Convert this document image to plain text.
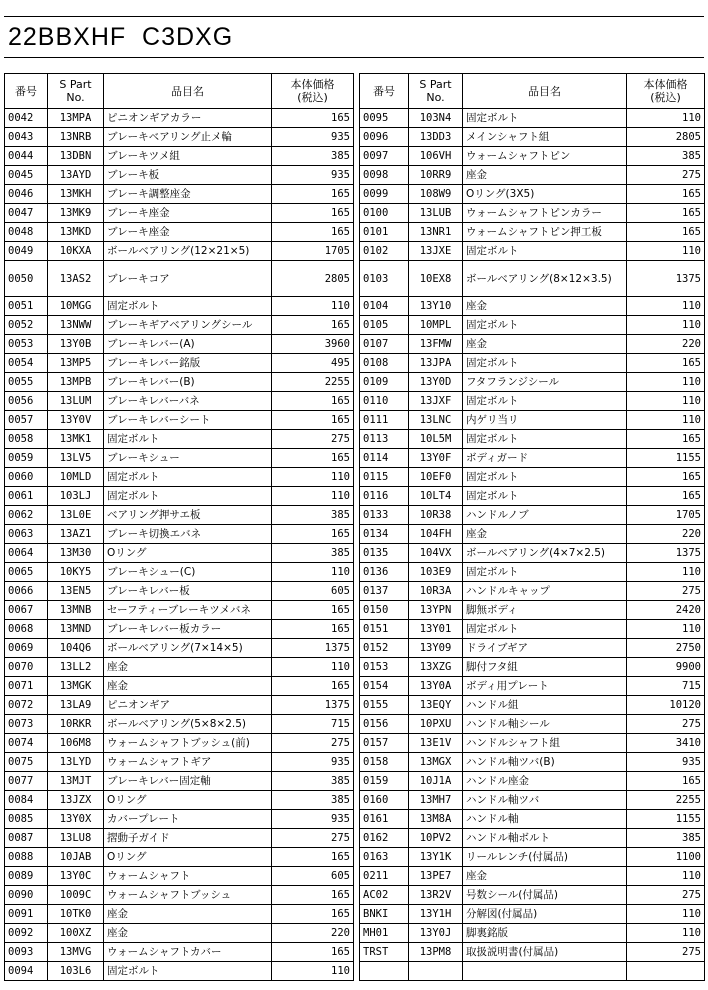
22BBXHF  C3DXG
番号	S Part
No.	品目名	本体価格
(税込)
0042	13MPA	ピニオンギアカラー	165
0043	13NRB	ブレーキベアリング止メ輪	935
0044	13DBN	ブレーキツメ組	385
0045	13AYD	ブレーキ板	935
0046	13MKH	ブレーキ調整座金	165
0047	13MK9	ブレーキ座金	165
0048	13MKD	ブレーキ座金	165
0049	10KXA	ボールベアリング(12×21×5)	1705
0050	13AS2	ブレーキコア	2805
0051	10MGG	固定ボルト	110
0052	13NWW	ブレーキギアベアリングシール	165
0053	13Y0B	ブレーキレバー(A)	3960
0054	13MP5	ブレーキレバー銘版	495
0055	13MPB	ブレーキレバー(B)	2255
0056	13LUM	ブレーキレバーバネ	165
0057	13Y0V	ブレーキレバーシート	165
0058	13MK1	固定ボルト	275
0059	13LV5	ブレーキシュー	165
0060	10MLD	固定ボルト	110
0061	103LJ	固定ボルト	110
0062	13L0E	ベアリング押サエ板	385
0063	13AZ1	ブレーキ切換エバネ	165
0064	13M30	Oリング	385
0065	10KY5	ブレーキシュー(C)	110
0066	13EN5	ブレーキレバー板	605
0067	13MNB	セーフティーブレーキツメバネ	165
0068	13MND	ブレーキレバー板カラー	165
0069	104Q6	ボールベアリング(7×14×5)	1375
0070	13LL2	座金	110
0071	13MGK	座金	165
0072	13LA9	ピニオンギア	1375
0073	10RKR	ボールベアリング(5×8×2.5)	715
0074	106M8	ウォームシャフトブッシュ(前)	275
0075	13LYD	ウォームシャフトギア	935
0077	13MJT	ブレーキレバー固定軸	385
0084	13JZX	Oリング	385
0085	13Y0X	カバープレート	935
0087	13LU8	摺動子ガイド	275
0088	10JAB	Oリング	165
0089	13Y0C	ウォームシャフト	605
0090	1009C	ウォームシャフトブッシュ	165
0091	10TK0	座金	165
0092	100XZ	座金	220
0093	13MVG	ウォームシャフトカバー	165
0094	103L6	固定ボルト	110
番号	S Part
No.	品目名	本体価格
(税込)
0095	103N4	固定ボルト	110
0096	13DD3	メインシャフト組	2805
0097	106VH	ウォームシャフトピン	385
0098	10RR9	座金	275
0099	108W9	Oリング(3X5)	165
0100	13LUB	ウォームシャフトピンカラー	165
0101	13NR1	ウォームシャフトピン押工板	165
0102	13JXE	固定ボルト	110
0103	10EX8	ボールベアリング(8×12×3.5)	1375
0104	13Y10	座金	110
0105	10MPL	固定ボルト	110
0107	13FMW	座金	220
0108	13JPA	固定ボルト	165
0109	13Y0D	フタフランジシール	110
0110	13JXF	固定ボルト	110
0111	13LNC	内ゲリ当リ	110
0113	10L5M	固定ボルト	165
0114	13Y0F	ボディガード	1155
0115	10EF0	固定ボルト	165
0116	10LT4	固定ボルト	165
0133	10R38	ハンドルノブ	1705
0134	104FH	座金	220
0135	104VX	ボールベアリング(4×7×2.5)	1375
0136	103E9	固定ボルト	110
0137	10R3A	ハンドルキャップ	275
0150	13YPN	脚無ボディ	2420
0151	13Y01	固定ボルト	110
0152	13Y09	ドライブギア	2750
0153	13XZG	脚付フタ組	9900
0154	13Y0A	ボディ用プレート	715
0155	13EQY	ハンドル組	10120
0156	10PXU	ハンドル軸シール	275
0157	13E1V	ハンドルシャフト組	3410
0158	13MGX	ハンドル軸ツバ(B)	935
0159	10J1A	ハンドル座金	165
0160	13MH7	ハンドル軸ツバ	2255
0161	13M8A	ハンドル軸	1155
0162	10PV2	ハンドル軸ボルト	385
0163	13Y1K	リールレンチ(付属品)	1100
0211	13PE7	座金	110
AC02	13R2V	号数シール(付属品)	275
BNKI	13Y1H	分解図(付属品)	110
MH01	13Y0J	脚裏銘版	110
TRST	13PM8	取扱説明書(付属品)	275
